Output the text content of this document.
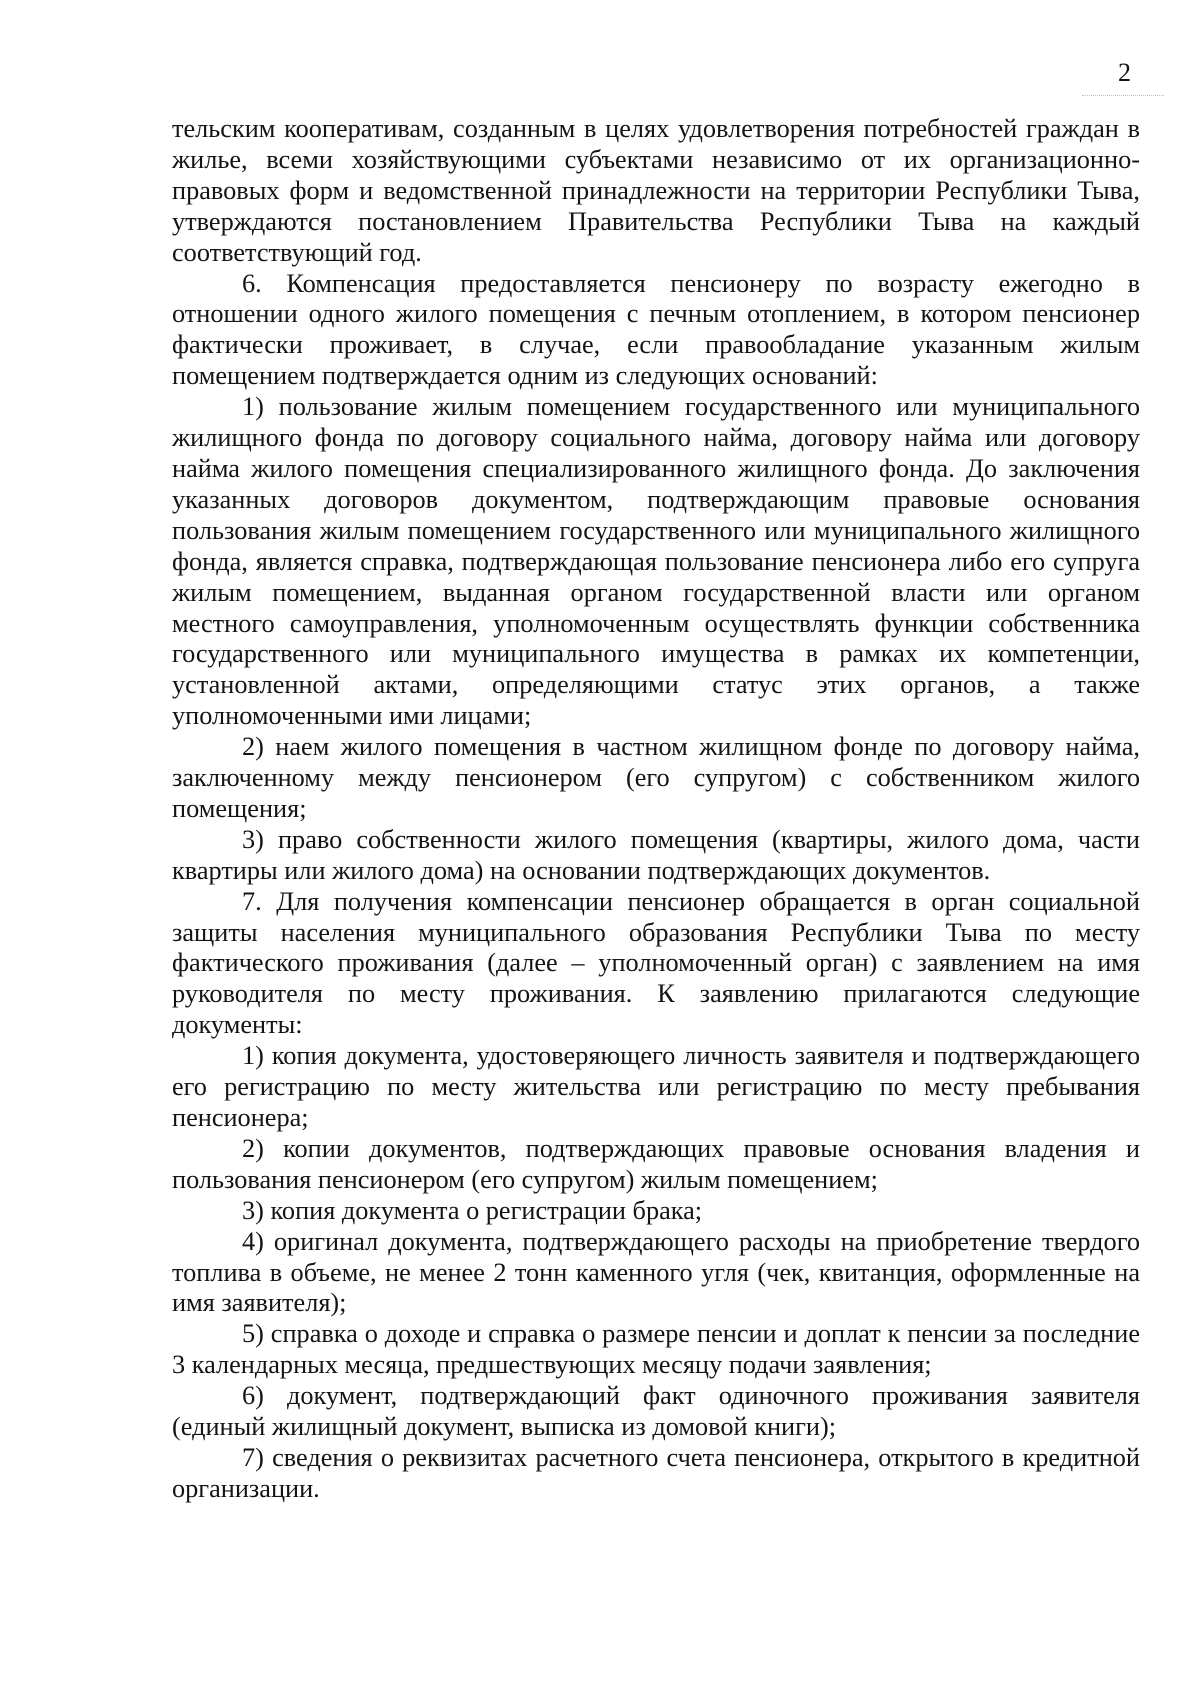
2

тельским кооперативам, созданным в целях удовлетворения потребностей граждан в жилье, всеми хозяйствующими субъектами независимо от их организационно-правовых форм и ведомственной принадлежности на территории Республики Тыва, утверждаются постановлением Правительства Республики Тыва на каждый соответствующий год.

6. Компенсация предоставляется пенсионеру по возрасту ежегодно в отношении одного жилого помещения с печным отоплением, в котором пенсионер фактически проживает, в случае, если правообладание указанным жилым помещением подтверждается одним из следующих оснований:

1) пользование жилым помещением государственного или муниципального жилищного фонда по договору социального найма, договору найма или договору найма жилого помещения специализированного жилищного фонда. До заключения указанных договоров документом, подтверждающим правовые основания пользования жилым помещением государственного или муниципального жилищного фонда, является справка, подтверждающая пользование пенсионера либо его супруга жилым помещением, выданная органом государственной власти или органом местного самоуправления, уполномоченным осуществлять функции собственника государственного или муниципального имущества в рамках их компетенции, установленной актами, определяющими статус этих органов, а также уполномоченными ими лицами;

2) наем жилого помещения в частном жилищном фонде по договору найма, заключенному между пенсионером (его супругом) с собственником жилого помещения;

3) право собственности жилого помещения (квартиры, жилого дома, части квартиры или жилого дома) на основании подтверждающих документов.

7. Для получения компенсации пенсионер обращается в орган социальной защиты населения муниципального образования Республики Тыва по месту фактического проживания (далее – уполномоченный орган) с заявлением на имя руководителя по месту проживания. К заявлению прилагаются следующие документы:

1) копия документа, удостоверяющего личность заявителя и подтверждающего его регистрацию по месту жительства или регистрацию по месту пребывания пенсионера;

2) копии документов, подтверждающих правовые основания владения и пользования пенсионером (его супругом) жилым помещением;

3) копия документа о регистрации брака;

4) оригинал документа, подтверждающего расходы на приобретение твердого топлива в объеме, не менее 2 тонн каменного угля (чек, квитанция, оформленные на имя заявителя);

5) справка о доходе и справка о размере пенсии и доплат к пенсии за последние 3 календарных месяца, предшествующих месяцу подачи заявления;

6) документ, подтверждающий факт одиночного проживания заявителя (единый жилищный документ, выписка из домовой книги);

7) сведения о реквизитах расчетного счета пенсионера, открытого в кредитной организации.
